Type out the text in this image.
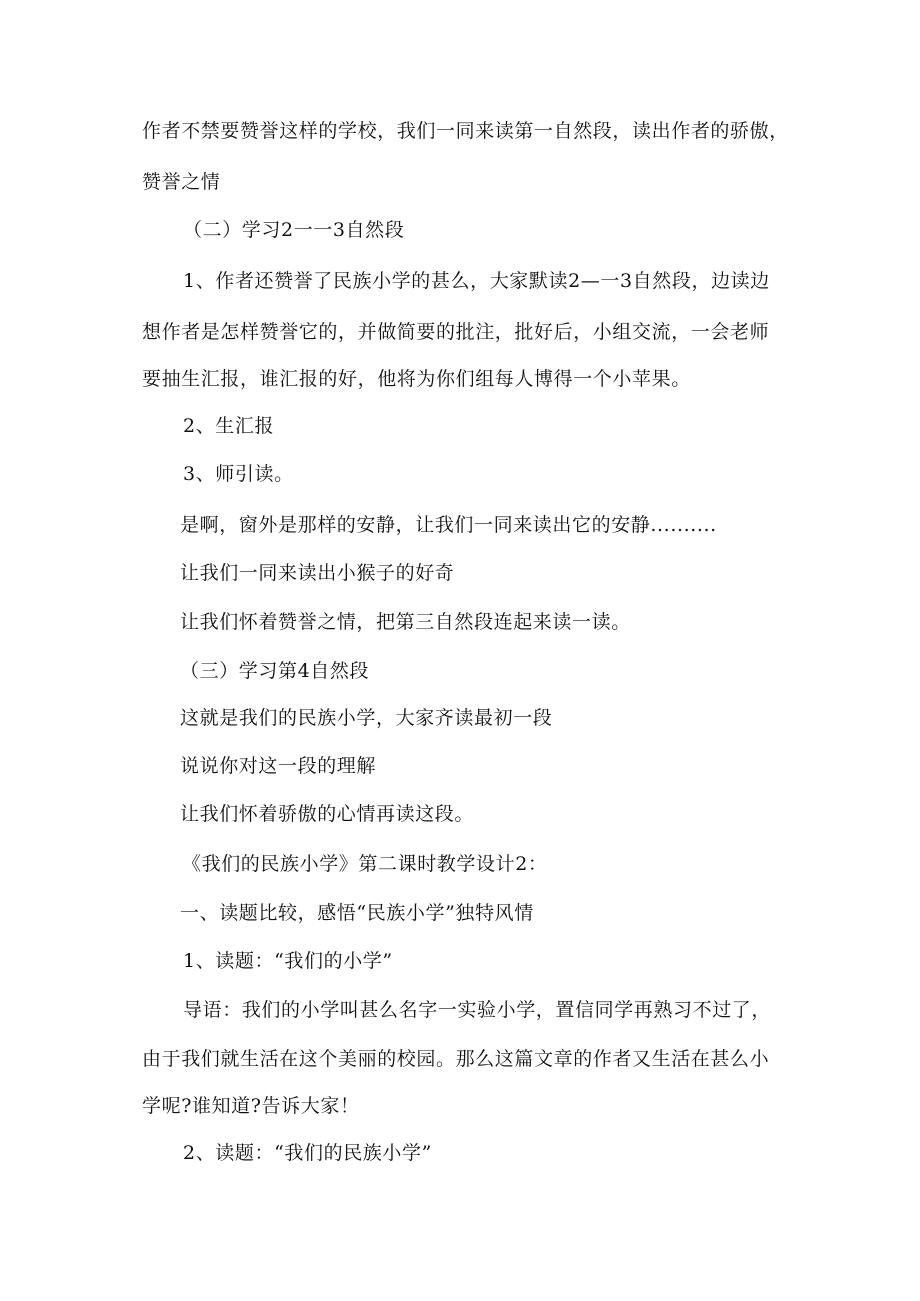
作者不禁要赞誉这样的学校，我们一同来读第一自然段，读出作者的骄傲，
赞誉之情
（二）学习2一一3自然段
1、作者还赞誉了民族小学的甚么，大家默读2—一3自然段，边读边
想作者是怎样赞誉它的，并做简要的批注，批好后，小组交流，一会老师
要抽生汇报，谁汇报的好，他将为你们组每人博得一个小苹果。
2、生汇报
3、师引读。
是啊，窗外是那样的安静，让我们一同来读出它的安静..........
让我们一同来读出小猴子的好奇
让我们怀着赞誉之情，把第三自然段连起来读一读。
（三）学习第4自然段
这就是我们的民族小学，大家齐读最初一段
说说你对这一段的理解
让我们怀着骄傲的心情再读这段。
《我们的民族小学》第二课时教学设计2：
一、读题比较，感悟“民族小学”独特风情
1、读题：“我们的小学”
导语：我们的小学叫甚么名字一实验小学，置信同学再熟习不过了，
由于我们就生活在这个美丽的校园。那么这篇文章的作者又生活在甚么小
学呢?谁知道?告诉大家！
2、读题：“我们的民族小学”
